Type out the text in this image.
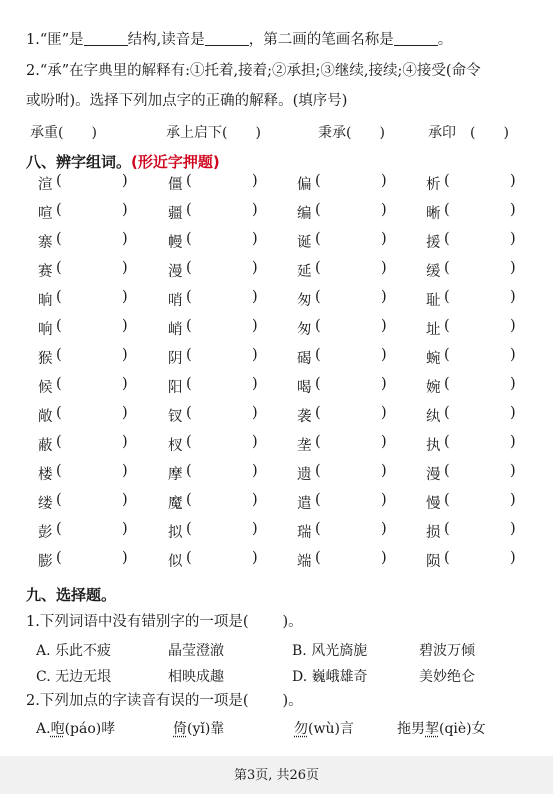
1.“匪”是	结构,读音是	，第二画的笔画名称是	。
2.“承”在字典里的解释有:①托着,接着;②承担;③继续,接续;④接受(命令
或吩咐)。选择下列加点字的正确的解释。(填序号)
承重(　　)	承上启下(　　)	秉承(　　)	承印　(　　)
八、辨字组词。(形近字押题)
渲 (	)	僵 (	)	偏 (	)	析 (	)
喧 (	)	疆 (	)	编 (	)	晰 (	)
寨 (	)	幔 (	)	诞 (	)	援 (	)
赛 (	)	漫 (	)	延 (	)	缓 (	)
晌 (	)	哨 (	)	匆 (	)	耻 (	)
响 (	)	峭 (	)	匆 (	)	址 (	)
猴 (	)	阴 (	)	碣 (	)	蜿 (	)
候 (	)	阳 (	)	喝 (	)	婉 (	)
敞 (	)	钗 (	)	袭 (	)	纨 (	)
蔽 (	)	杈 (	)	垄 (	)	执 (	)
楼 (	)	摩 (	)	遗 (	)	漫 (	)
缕 (	)	魔 (	)	遣 (	)	慢 (	)
彭 (	)	拟 (	)	瑞 (	)	损 (	)
膨 (	)	似 (	)	端 (	)	陨 (	)
九、选择题。
1.下列词语中没有错别字的一项是( )。
A. 乐此不疲	晶莹澄澈	B. 风光旖旎	碧波万倾
C. 无边无垠	相映成趣	D. 巍峨雄奇	美妙绝仑
2.下列加点的字读音有误的一项是( )。
A.咆(páo)哮	倚(yǐ)靠	勿(wù)言	拖男挈(qiè)女
第3页, 共26页
